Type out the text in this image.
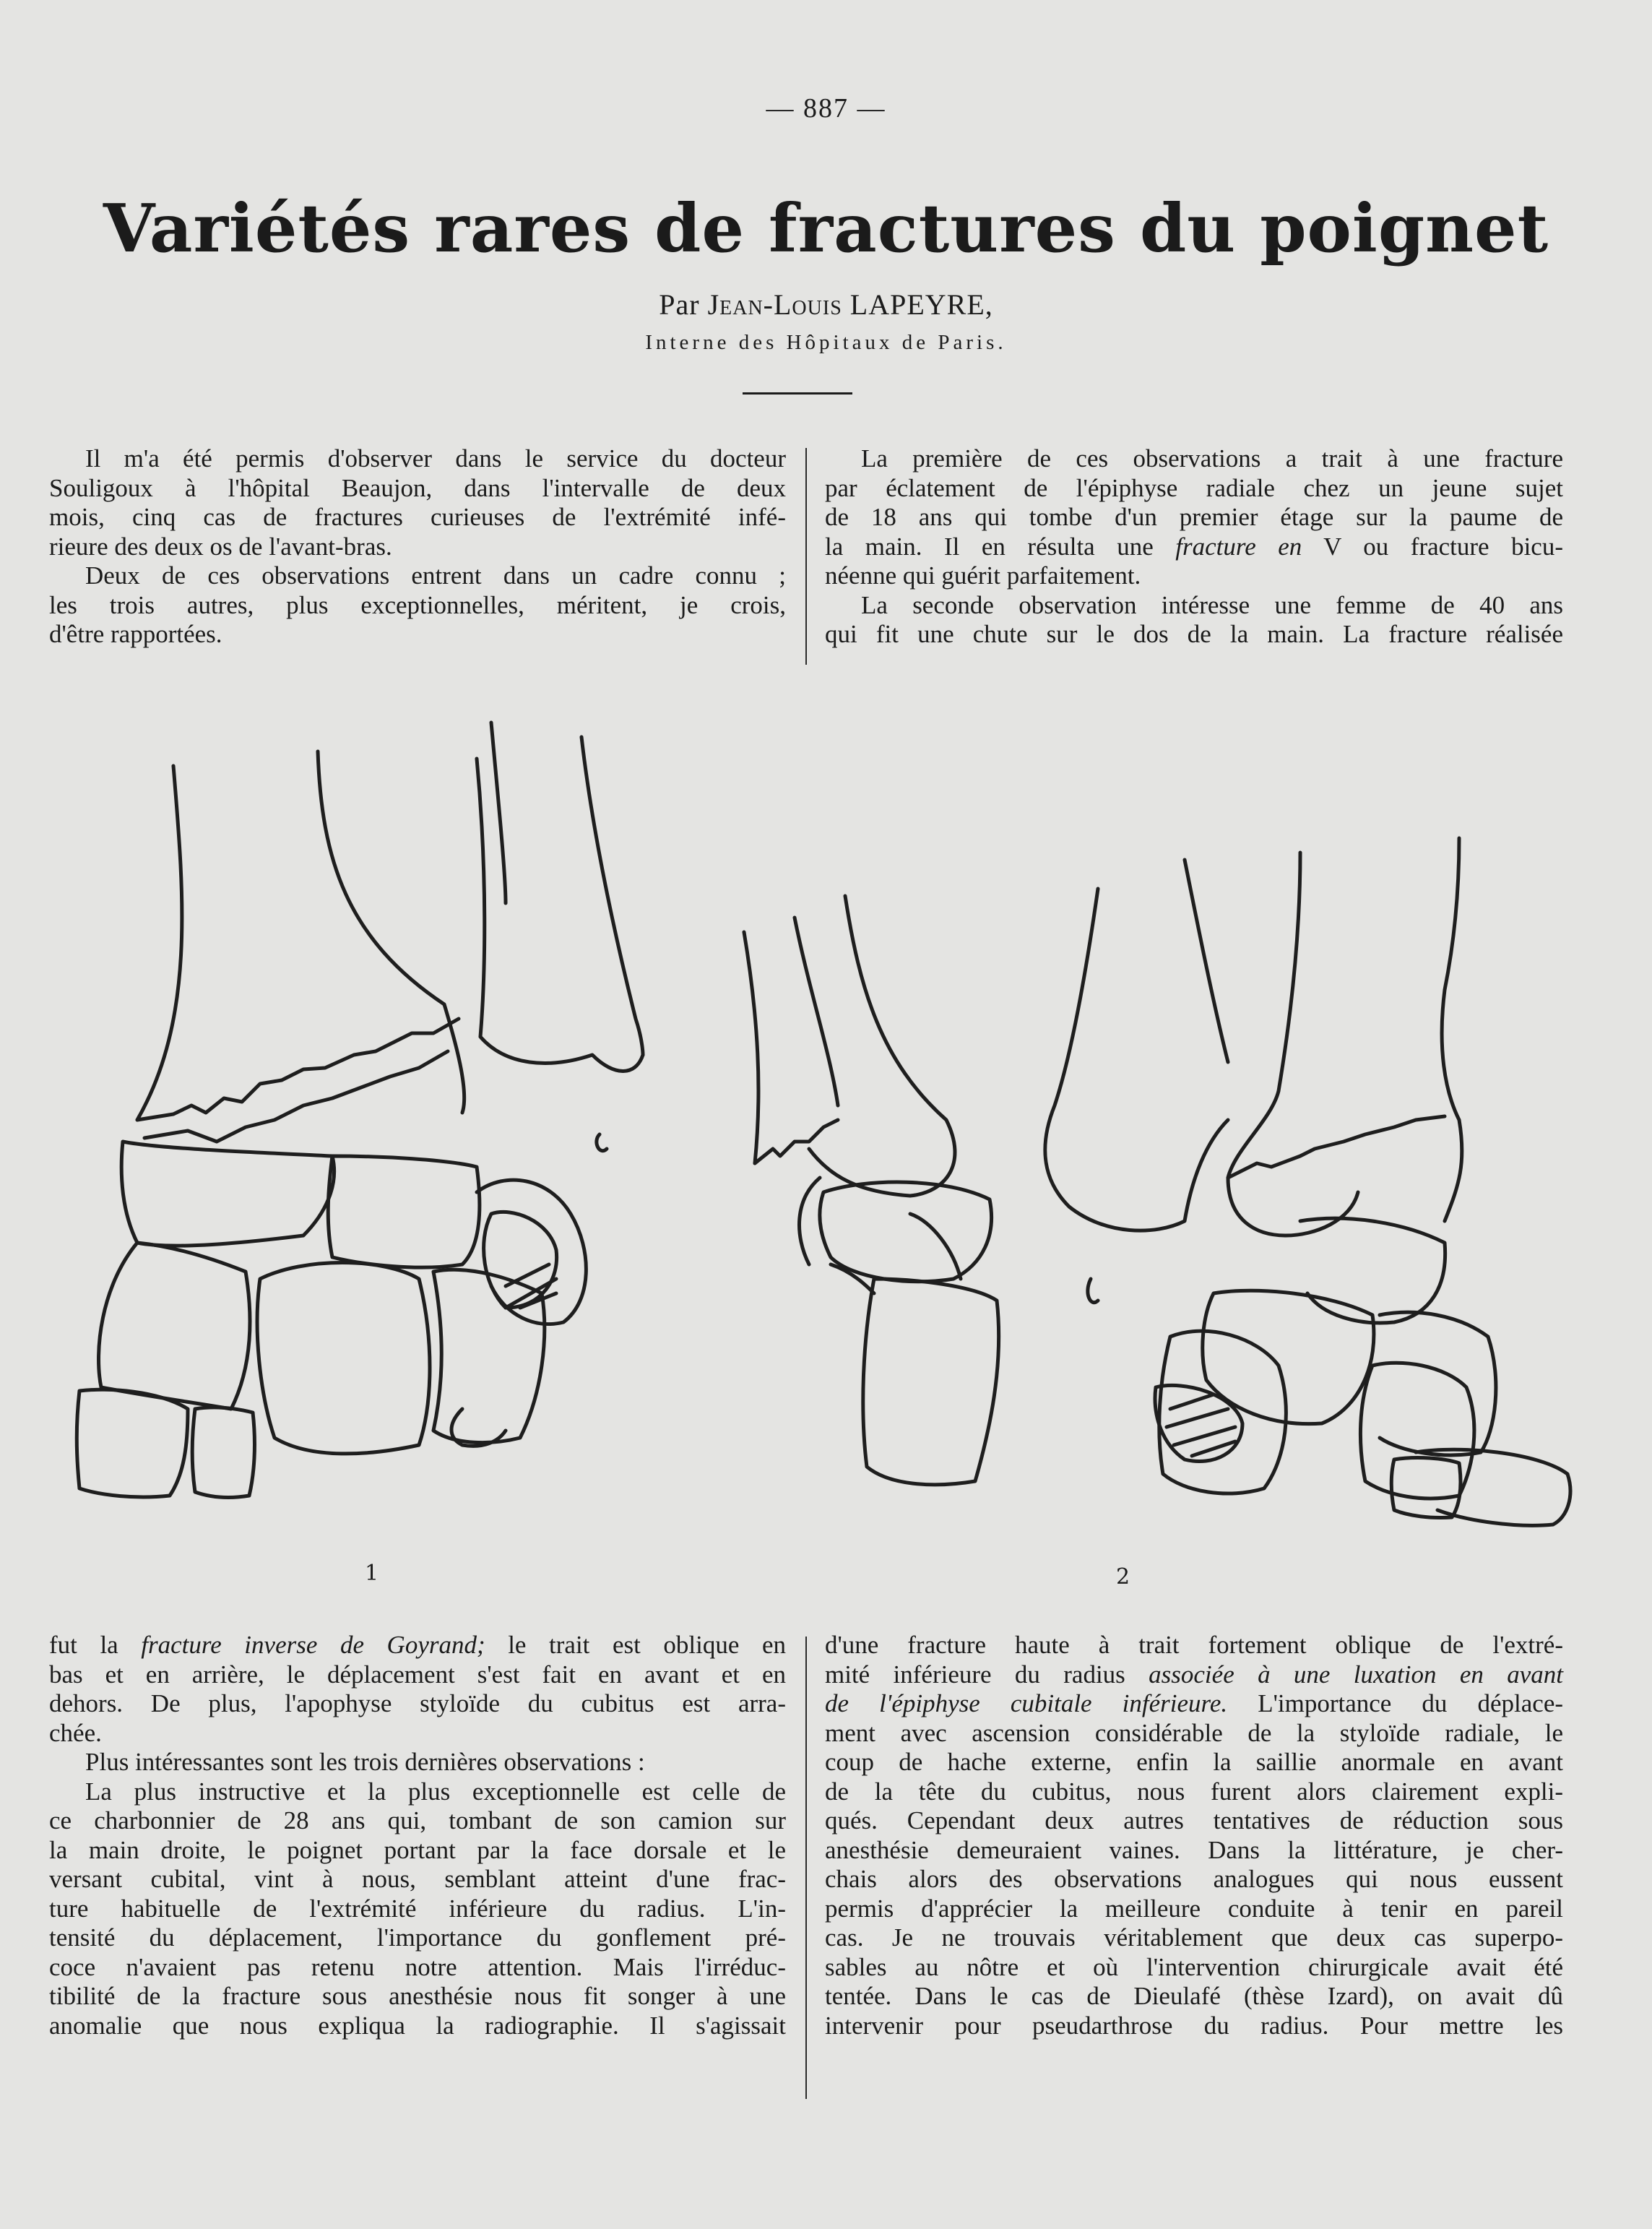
— 887 —
Variétés rares de fractures du poignet
Par Jean-Louis LAPEYRE,
Interne des Hôpitaux de Paris.

Il m'a été permis d'observer dans le service du docteur
Souligoux à l'hôpital Beaujon, dans l'intervalle de deux
mois, cinq cas de fractures curieuses de l'extrémité infé-
rieure des deux os de l'avant-bras.

Deux de ces observations entrent dans un cadre connu ;
les trois autres, plus exceptionnelles, méritent, je crois,
d'être rapportées.

La première de ces observations a trait à une fracture
par éclatement de l'épiphyse radiale chez un jeune sujet
de 18 ans qui tombe d'un premier étage sur la paume de
la main. Il en résulta une fracture en V ou fracture bicu-
néenne qui guérit parfaitement.

La seconde observation intéresse une femme de 40 ans
qui fit une chute sur le dos de la main. La fracture réalisée

1	2

fut la fracture inverse de Goyrand; le trait est oblique en
bas et en arrière, le déplacement s'est fait en avant et en
dehors. De plus, l'apophyse styloïde du cubitus est arra-
chée.

Plus intéressantes sont les trois dernières observations :

La plus instructive et la plus exceptionnelle est celle de
ce charbonnier de 28 ans qui, tombant de son camion sur
la main droite, le poignet portant par la face dorsale et le
versant cubital, vint à nous, semblant atteint d'une frac-
ture habituelle de l'extrémité inférieure du radius. L'in-
tensité du déplacement, l'importance du gonflement pré-
coce n'avaient pas retenu notre attention. Mais l'irréduc-
tibilité de la fracture sous anesthésie nous fit songer à une
anomalie que nous expliqua la radiographie. Il s'agissait

d'une fracture haute à trait fortement oblique de l'extré-
mité inférieure du radius associée à une luxation en avant
de l'épiphyse cubitale inférieure. L'importance du déplace-
ment avec ascension considérable de la styloïde radiale, le
coup de hache externe, enfin la saillie anormale en avant
de la tête du cubitus, nous furent alors clairement expli-
qués. Cependant deux autres tentatives de réduction sous
anesthésie demeuraient vaines. Dans la littérature, je cher-
chais alors des observations analogues qui nous eussent
permis d'apprécier la meilleure conduite à tenir en pareil
cas. Je ne trouvais véritablement que deux cas superpo-
sables au nôtre et où l'intervention chirurgicale avait été
tentée. Dans le cas de Dieulafé (thèse Izard), on avait dû
intervenir pour pseudarthrose du radius. Pour mettre les
